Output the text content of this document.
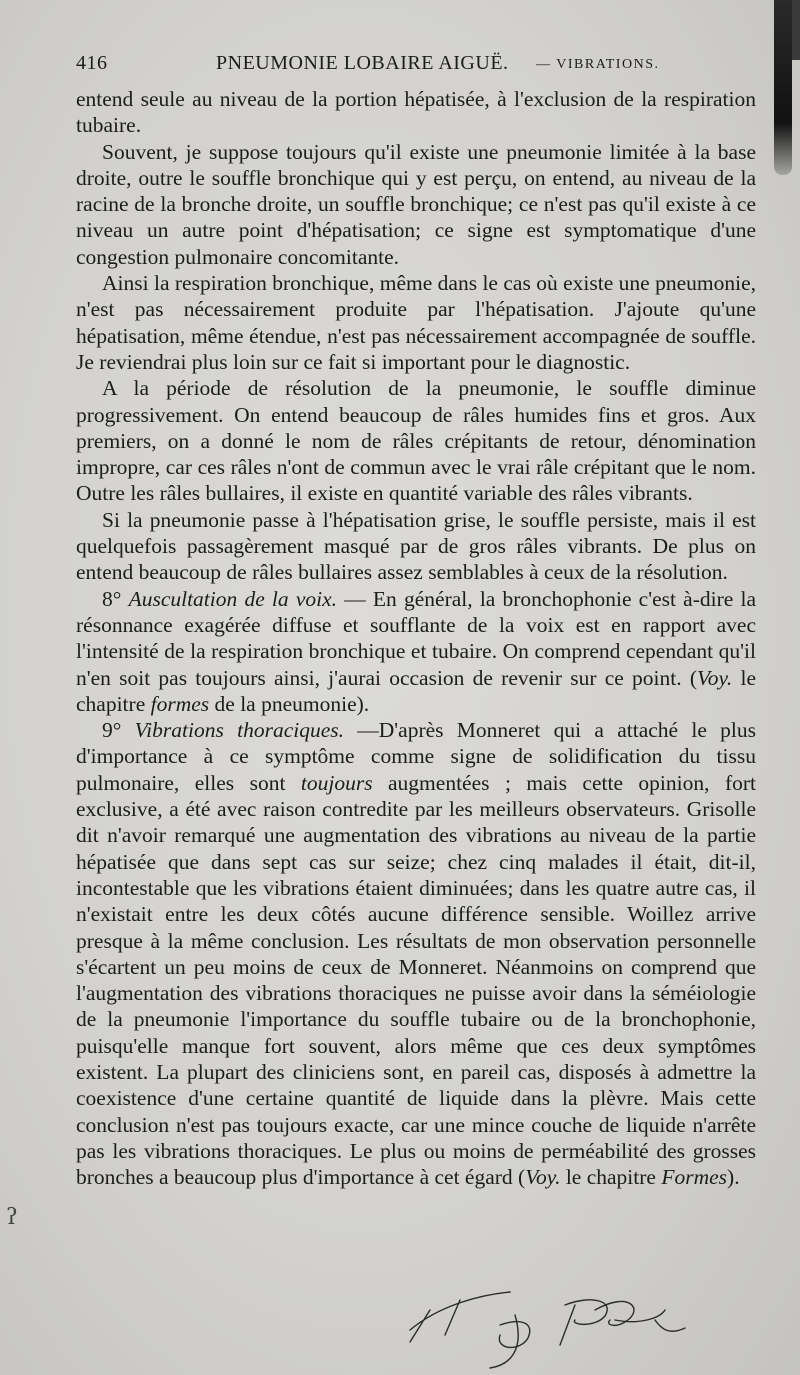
416	PNEUMONIE LOBAIRE AIGUË. — VIBRATIONS.

entend seule au niveau de la portion hépatisée, à l'exclusion de la respiration tubaire.

Souvent, je suppose toujours qu'il existe une pneumonie limitée à la base droite, outre le souffle bronchique qui y est perçu, on entend, au niveau de la racine de la bronche droite, un souffle bronchique; ce n'est pas qu'il existe à ce niveau un autre point d'hépatisation; ce signe est symptomatique d'une congestion pulmonaire concomitante.

Ainsi la respiration bronchique, même dans le cas où existe une pneumonie, n'est pas nécessairement produite par l'hépatisation. J'ajoute qu'une hépatisation, même étendue, n'est pas nécessairement accompagnée de souffle. Je reviendrai plus loin sur ce fait si important pour le diagnostic.

A la période de résolution de la pneumonie, le souffle diminue progressivement. On entend beaucoup de râles humides fins et gros. Aux premiers, on a donné le nom de râles crépitants de retour, dénomination impropre, car ces râles n'ont de commun avec le vrai râle crépitant que le nom. Outre les râles bullaires, il existe en quantité variable des râles vibrants.

Si la pneumonie passe à l'hépatisation grise, le souffle persiste, mais il est quelquefois passagèrement masqué par de gros râles vibrants. De plus on entend beaucoup de râles bullaires assez semblables à ceux de la résolution.

8° Auscultation de la voix. — En général, la bronchophonie c'est à-dire la résonnance exagérée diffuse et soufflante de la voix est en rapport avec l'intensité de la respiration bronchique et tubaire. On comprend cependant qu'il n'en soit pas toujours ainsi, j'aurai occasion de revenir sur ce point. (Voy. le chapitre formes de la pneumonie).

9° Vibrations thoraciques. —D'après Monneret qui a attaché le plus d'importance à ce symptôme comme signe de solidification du tissu pulmonaire, elles sont toujours augmentées ; mais cette opinion, fort exclusive, a été avec raison contredite par les meilleurs observateurs. Grisolle dit n'avoir remarqué une augmentation des vibrations au niveau de la partie hépatisée que dans sept cas sur seize; chez cinq malades il était, dit-il, incontestable que les vibrations étaient diminuées; dans les quatre autre cas, il n'existait entre les deux côtés aucune différence sensible. Woillez arrive presque à la même conclusion. Les résultats de mon observation personnelle s'écartent un peu moins de ceux de Monneret. Néanmoins on comprend que l'augmentation des vibrations thoraciques ne puisse avoir dans la séméiologie de la pneumonie l'importance du souffle tubaire ou de la bronchophonie, puisqu'elle manque fort souvent, alors même que ces deux symptômes existent. La plupart des cliniciens sont, en pareil cas, disposés à admettre la coexistence d'une certaine quantité de liquide dans la plèvre. Mais cette conclusion n'est pas toujours exacte, car une mince couche de liquide n'arrête pas les vibrations thoraciques. Le plus ou moins de perméabilité des grosses bronches a beaucoup plus d'importance à cet égard (Voy. le chapitre Formes).

ʔ
